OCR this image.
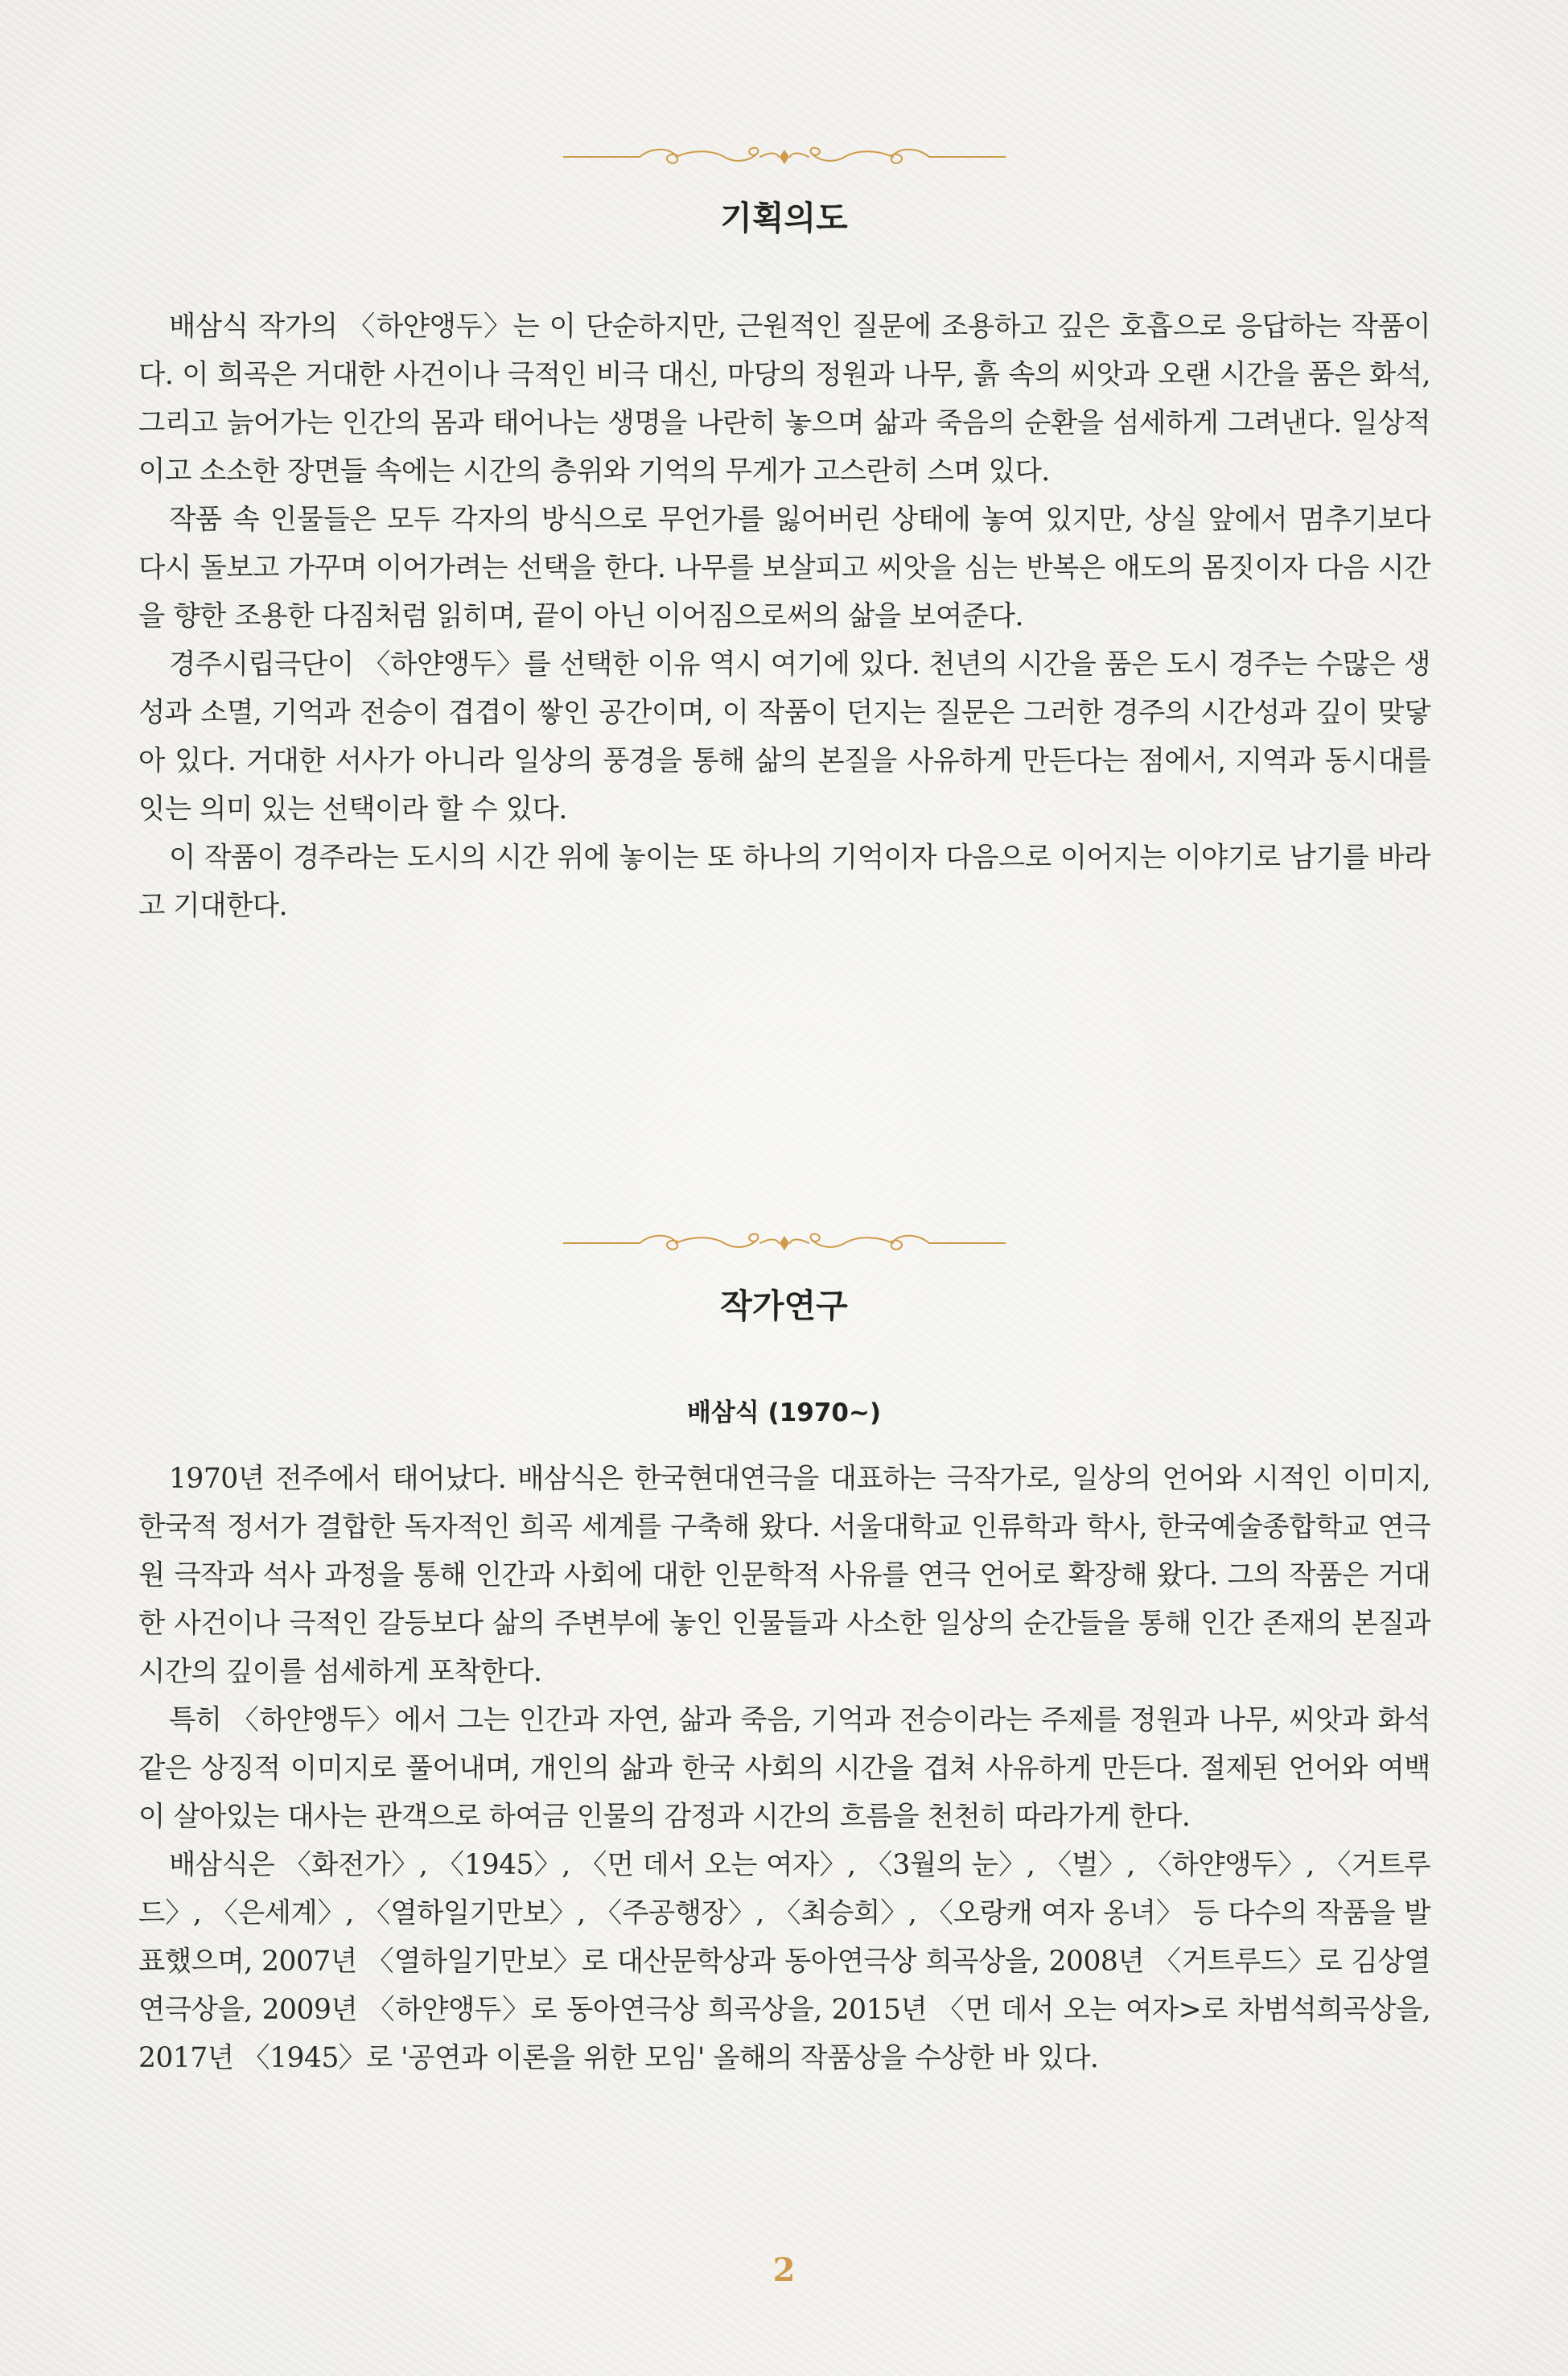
기획의도

배삼식 작가의 〈하얀앵두〉는 이 단순하지만, 근원적인 질문에 조용하고 깊은 호흡으로 응답하는 작품이다. 이 희곡은 거대한 사건이나 극적인 비극 대신, 마당의 정원과 나무, 흙 속의 씨앗과 오랜 시간을 품은 화석, 그리고 늙어가는 인간의 몸과 태어나는 생명을 나란히 놓으며 삶과 죽음의 순환을 섬세하게 그려낸다. 일상적이고 소소한 장면들 속에는 시간의 층위와 기억의 무게가 고스란히 스며 있다.

작품 속 인물들은 모두 각자의 방식으로 무언가를 잃어버린 상태에 놓여 있지만, 상실 앞에서 멈추기보다 다시 돌보고 가꾸며 이어가려는 선택을 한다. 나무를 보살피고 씨앗을 심는 반복은 애도의 몸짓이자 다음 시간을 향한 조용한 다짐처럼 읽히며, 끝이 아닌 이어짐으로써의 삶을 보여준다.

경주시립극단이 〈하얀앵두〉를 선택한 이유 역시 여기에 있다. 천년의 시간을 품은 도시 경주는 수많은 생성과 소멸, 기억과 전승이 겹겹이 쌓인 공간이며, 이 작품이 던지는 질문은 그러한 경주의 시간성과 깊이 맞닿아 있다. 거대한 서사가 아니라 일상의 풍경을 통해 삶의 본질을 사유하게 만든다는 점에서, 지역과 동시대를 잇는 의미 있는 선택이라 할 수 있다.

이 작품이 경주라는 도시의 시간 위에 놓이는 또 하나의 기억이자 다음으로 이어지는 이야기로 남기를 바라고 기대한다.

작가연구
배삼식 (1970~)

1970년 전주에서 태어났다. 배삼식은 한국현대연극을 대표하는 극작가로, 일상의 언어와 시적인 이미지, 한국적 정서가 결합한 독자적인 희곡 세계를 구축해 왔다. 서울대학교 인류학과 학사, 한국예술종합학교 연극원 극작과 석사 과정을 통해 인간과 사회에 대한 인문학적 사유를 연극 언어로 확장해 왔다. 그의 작품은 거대한 사건이나 극적인 갈등보다 삶의 주변부에 놓인 인물들과 사소한 일상의 순간들을 통해 인간 존재의 본질과 시간의 깊이를 섬세하게 포착한다.

특히 〈하얀앵두〉에서 그는 인간과 자연, 삶과 죽음, 기억과 전승이라는 주제를 정원과 나무, 씨앗과 화석 같은 상징적 이미지로 풀어내며, 개인의 삶과 한국 사회의 시간을 겹쳐 사유하게 만든다. 절제된 언어와 여백이 살아있는 대사는 관객으로 하여금 인물의 감정과 시간의 흐름을 천천히 따라가게 한다.

배삼식은 〈화전가〉, 〈1945〉, 〈먼 데서 오는 여자〉, 〈3월의 눈〉, 〈벌〉, 〈하얀앵두〉, 〈거트루드〉, 〈은세계〉, 〈열하일기만보〉, 〈주공행장〉, 〈최승희〉, 〈오랑캐 여자 옹녀〉 등 다수의 작품을 발표했으며, 2007년 〈열하일기만보〉로 대산문학상과 동아연극상 희곡상을, 2008년 〈거트루드〉로 김상열연극상을, 2009년 〈하얀앵두〉로 동아연극상 희곡상을, 2015년 〈먼 데서 오는 여자>로 차범석희곡상을, 2017년 〈1945〉로 '공연과 이론을 위한 모임' 올해의 작품상을 수상한 바 있다.

2
